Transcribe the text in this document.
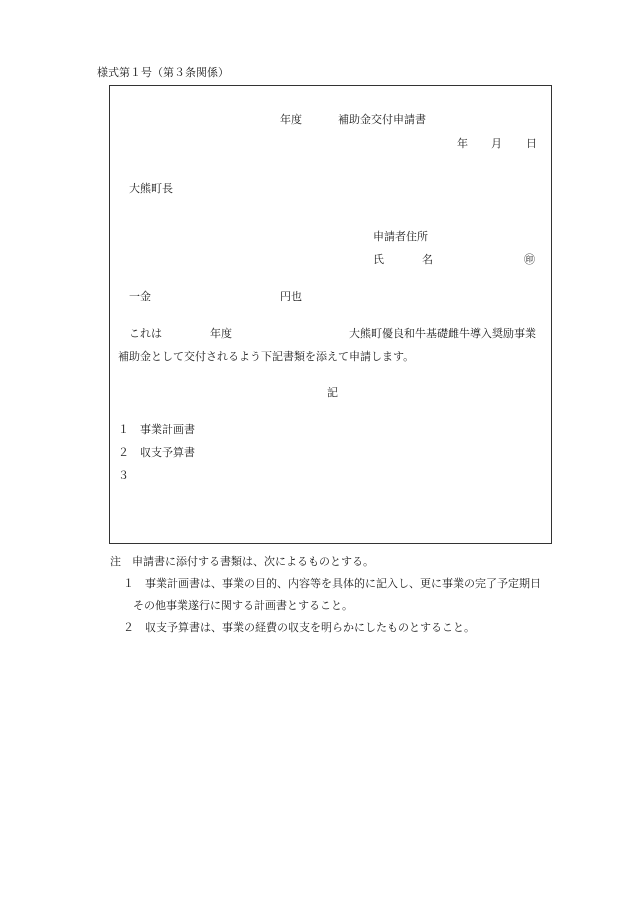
様式第１号（第３条関係）
年度	補助金交付申請書
年 月 日
大熊町長
申請者住所
氏	名	㊞
一金	円也
これは	年度	大熊町優良和牛基礎雌牛導入奨励事業
補助金として交付されるよう下記書類を添えて申請します。
記
１ 事業計画書
２ 収支予算書
３
注　申請書に添付する書類は、次によるものとする。
１　事業計画書は、事業の目的、内容等を具体的に記入し、更に事業の完了予定期日
その他事業遂行に関する計画書とすること。
２　収支予算書は、事業の経費の収支を明らかにしたものとすること。
